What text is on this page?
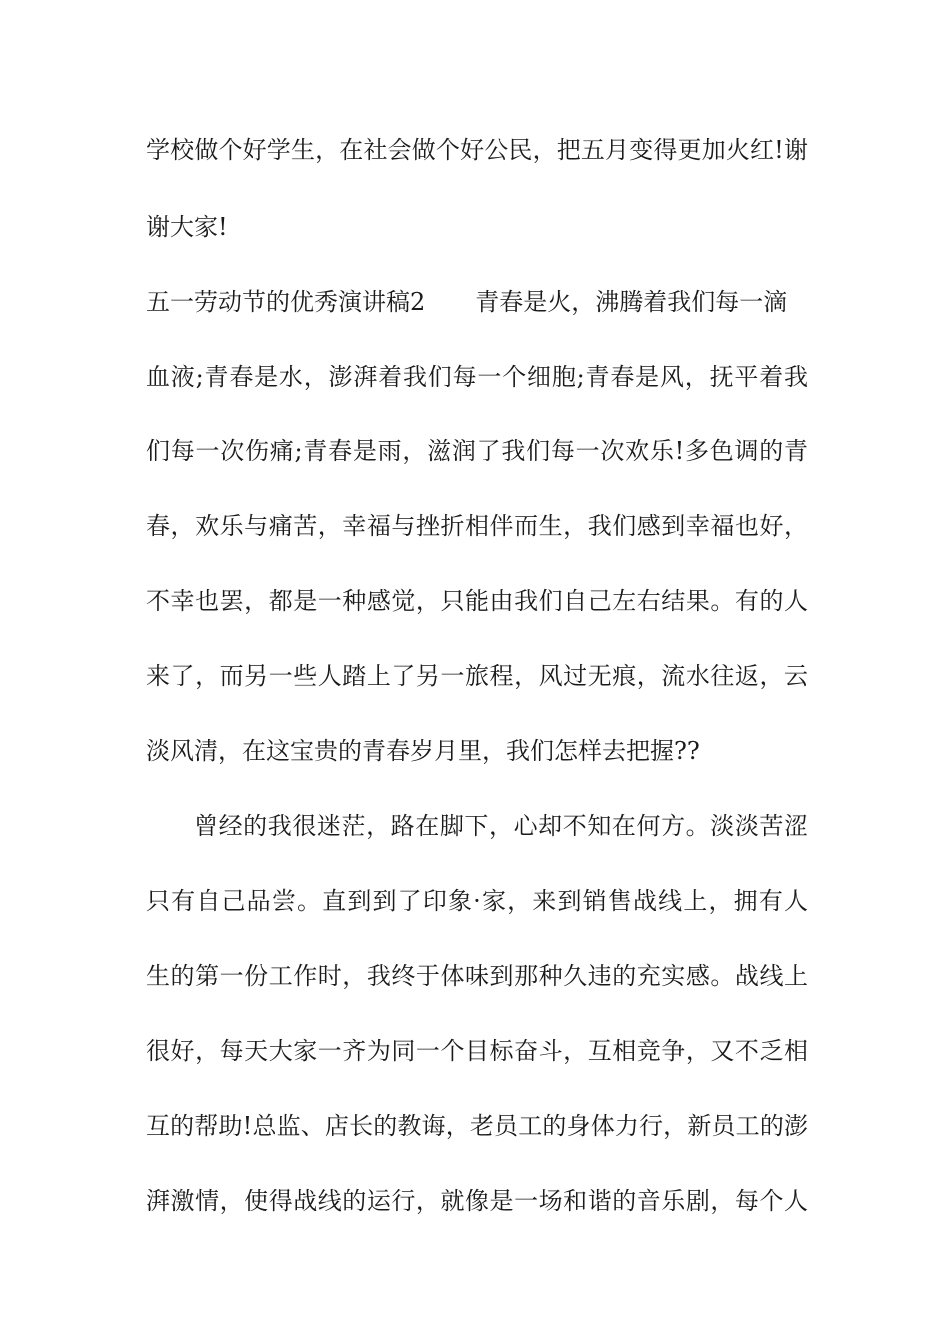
学校做个好学生，在社会做个好公民，把五月变得更加火红!谢
谢大家!
五一劳动节的优秀演讲稿2 青春是火，沸腾着我们每一滴
血液;青春是水，澎湃着我们每一个细胞;青春是风，抚平着我
们每一次伤痛;青春是雨，滋润了我们每一次欢乐!多色调的青
春，欢乐与痛苦，幸福与挫折相伴而生，我们感到幸福也好，
不幸也罢，都是一种感觉，只能由我们自己左右结果。有的人
来了，而另一些人踏上了另一旅程，风过无痕，流水往返，云
淡风清，在这宝贵的青春岁月里，我们怎样去把握??
曾经的我很迷茫，路在脚下，心却不知在何方。淡淡苦涩
只有自己品尝。直到到了印象·家，来到销售战线上，拥有人
生的第一份工作时，我终于体味到那种久违的充实感。战线上
很好，每天大家一齐为同一个目标奋斗，互相竞争，又不乏相
互的帮助!总监、店长的教诲，老员工的身体力行，新员工的澎
湃激情，使得战线的运行，就像是一场和谐的音乐剧，每个人
